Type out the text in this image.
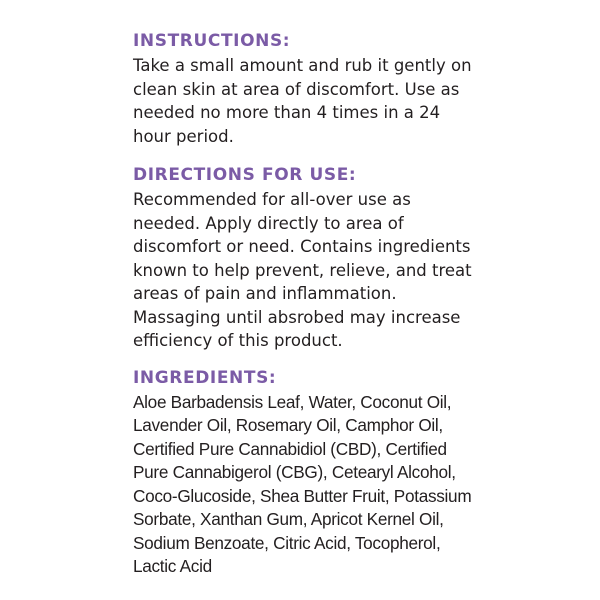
INSTRUCTIONS:

Take a small amount and rub it gently on
clean skin at area of discomfort. Use as
needed no more than 4 times in a 24
hour period.

DIRECTIONS FOR USE:

Recommended for all-over use as
needed. Apply directly to area of
discomfort or need. Contains ingredients
known to help prevent, relieve, and treat
areas of pain and inflammation.
Massaging until absrobed may increase
efficiency of this product.

INGREDIENTS:

Aloe Barbadensis Leaf, Water, Coconut Oil,
Lavender Oil, Rosemary Oil, Camphor Oil,
Certified Pure Cannabidiol (CBD), Certified
Pure Cannabigerol (CBG), Cetearyl Alcohol,
Coco-Glucoside, Shea Butter Fruit, Potassium
Sorbate, Xanthan Gum, Apricot Kernel Oil,
Sodium Benzoate, Citric Acid, Tocopherol,
Lactic Acid
